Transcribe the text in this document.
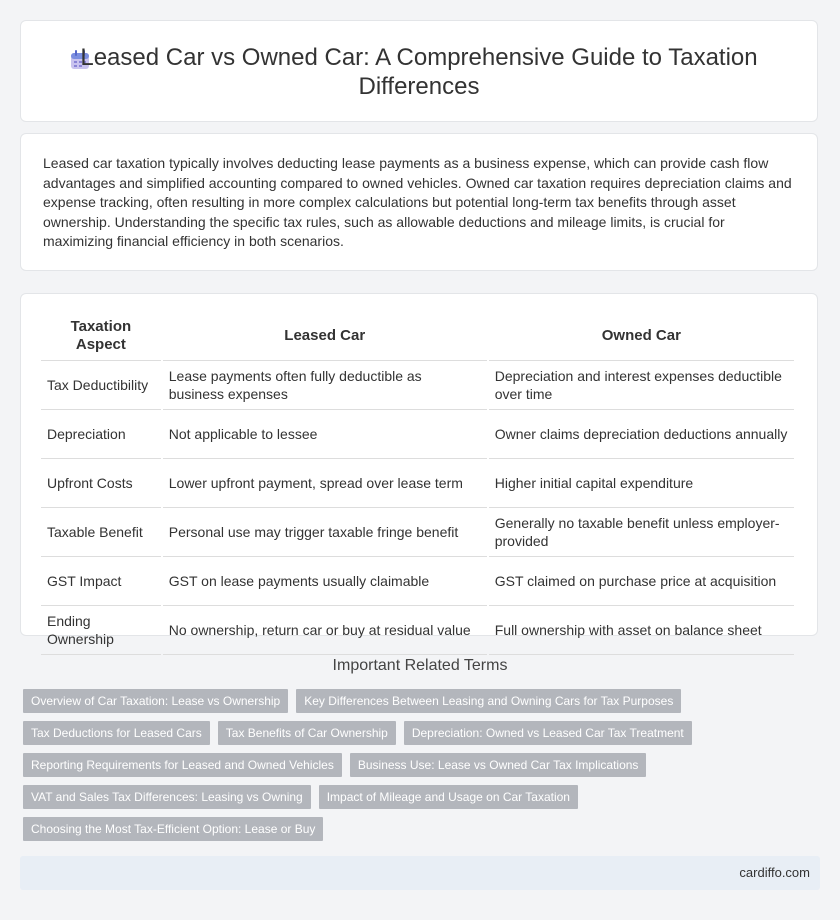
Leased Car vs Owned Car: A Comprehensive Guide to Taxation Differences

Leased car taxation typically involves deducting lease payments as a business expense, which can provide cash flow advantages and simplified accounting compared to owned vehicles. Owned car taxation requires depreciation claims and expense tracking, often resulting in more complex calculations but potential long-term tax benefits through asset ownership. Understanding the specific tax rules, such as allowable deductions and mileage limits, is crucial for maximizing financial efficiency in both scenarios.

Taxation Aspect	Leased Car	Owned Car
Tax Deductibility	Lease payments often fully deductible as business expenses	Depreciation and interest expenses deductible over time
Depreciation	Not applicable to lessee	Owner claims depreciation deductions annually
Upfront Costs	Lower upfront payment, spread over lease term	Higher initial capital expenditure
Taxable Benefit	Personal use may trigger taxable fringe benefit	Generally no taxable benefit unless employer-provided
GST Impact	GST on lease payments usually claimable	GST claimed on purchase price at acquisition
Ending Ownership	No ownership, return car or buy at residual value	Full ownership with asset on balance sheet
Important Related Terms
Overview of Car Taxation: Lease vs Ownership	Key Differences Between Leasing and Owning Cars for Tax Purposes
Tax Deductions for Leased Cars	Tax Benefits of Car Ownership	Depreciation: Owned vs Leased Car Tax Treatment
Reporting Requirements for Leased and Owned Vehicles	Business Use: Lease vs Owned Car Tax Implications
VAT and Sales Tax Differences: Leasing vs Owning	Impact of Mileage and Usage on Car Taxation
Choosing the Most Tax-Efficient Option: Lease or Buy
cardiffo.com
